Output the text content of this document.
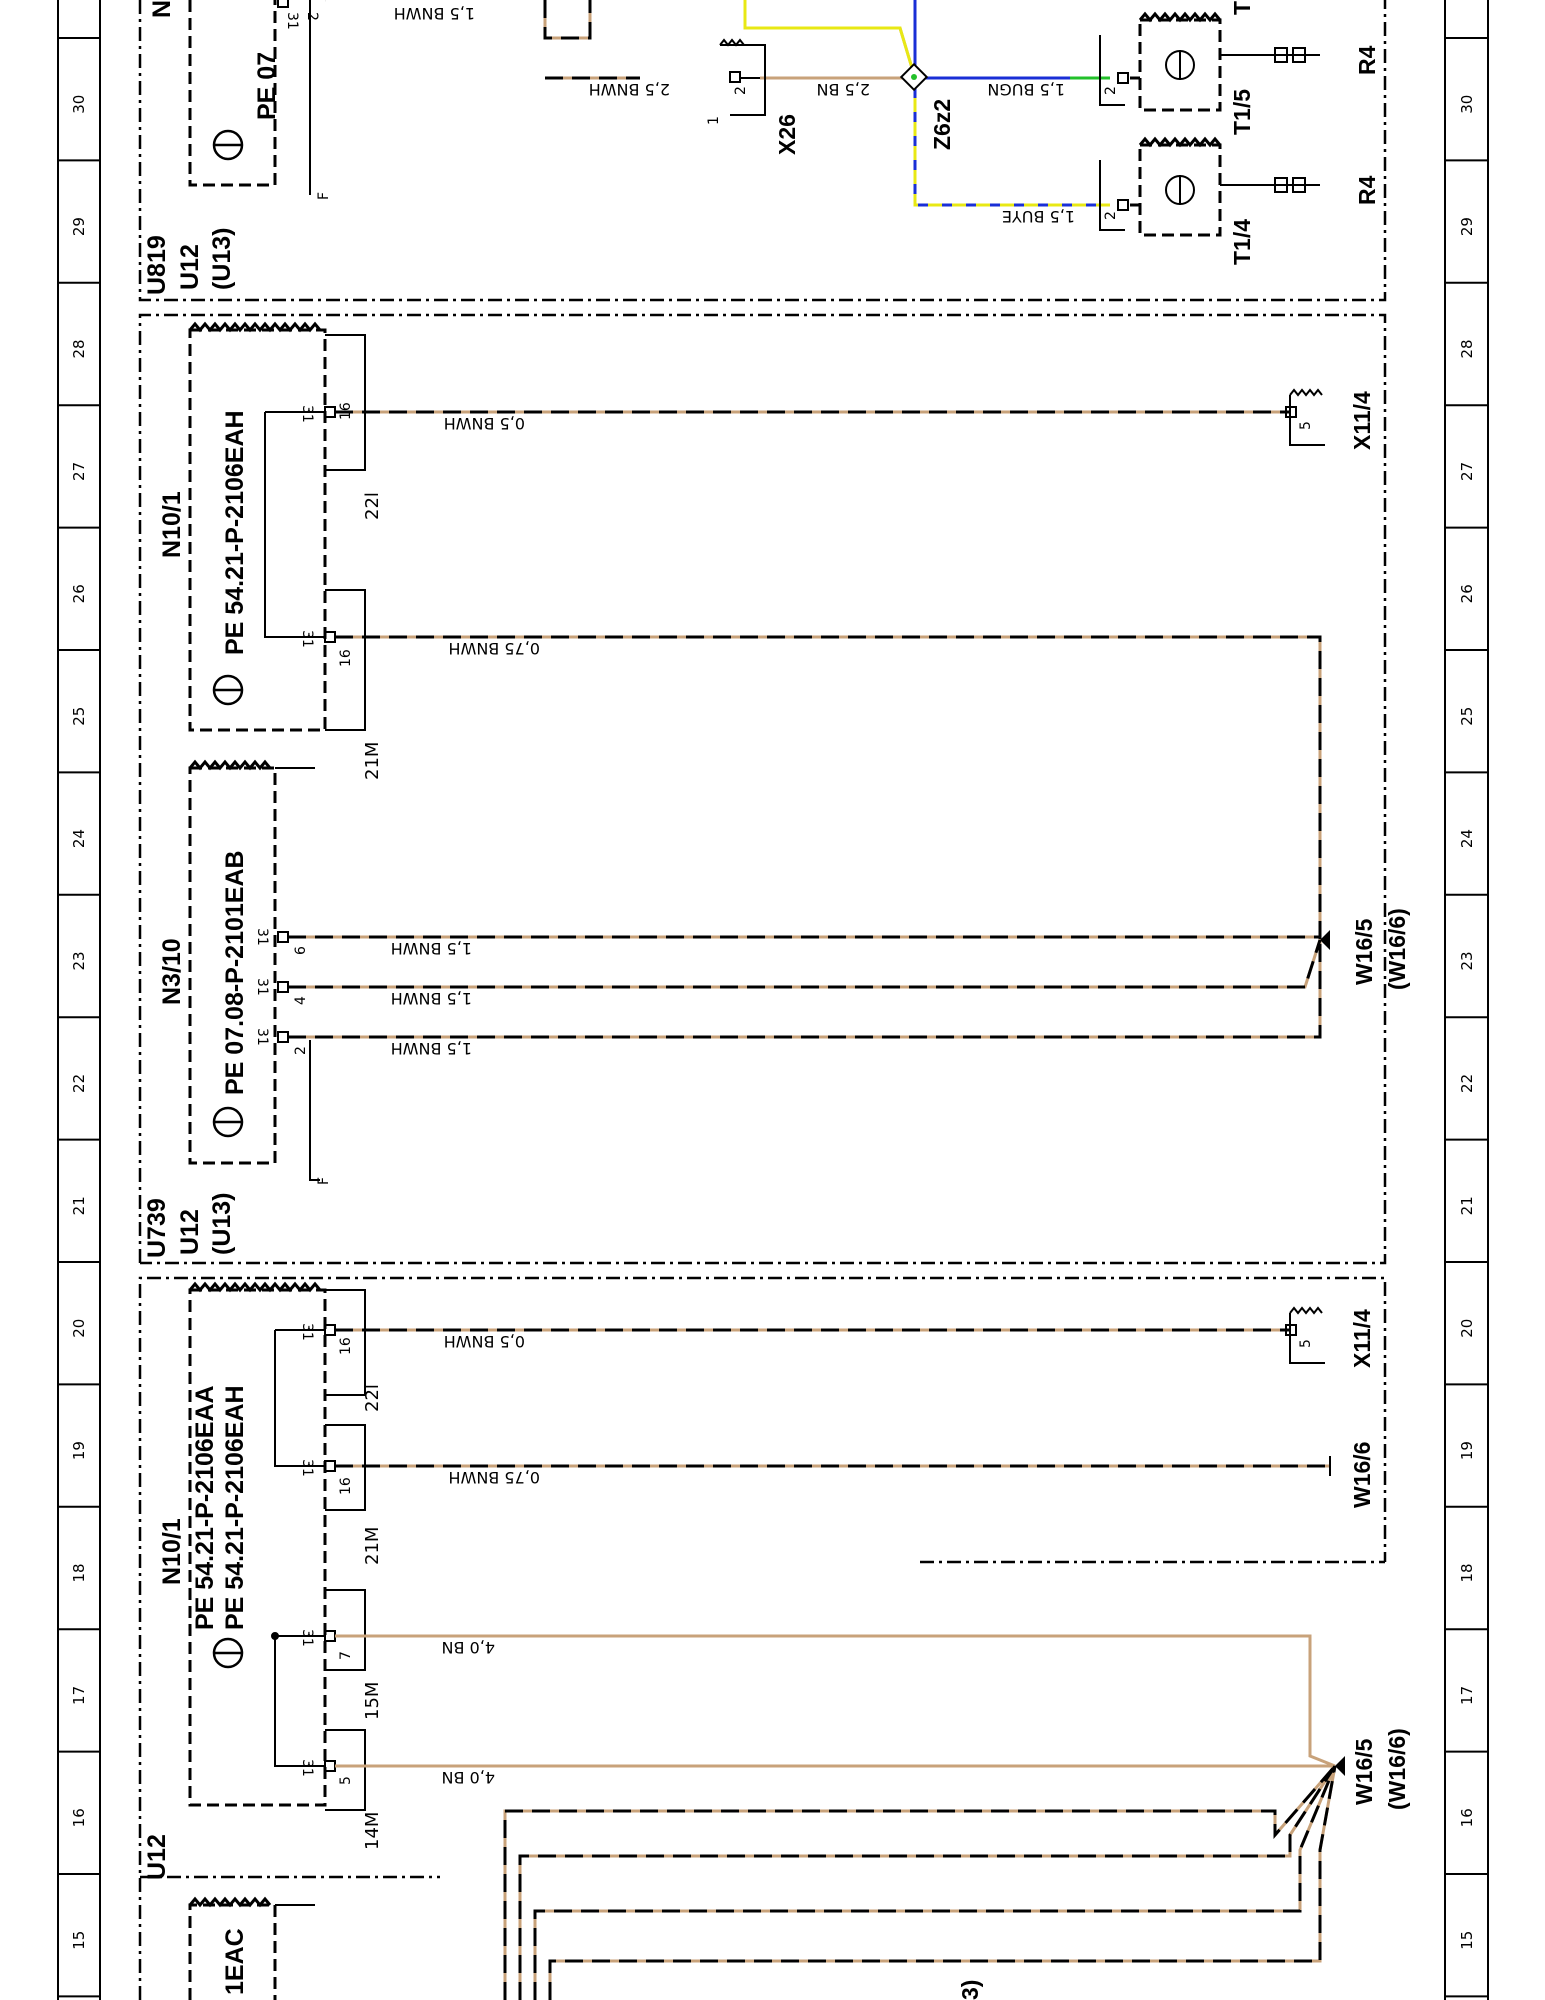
30	30
29	29
28	28
27	27
26	26
25	25
24	24
23	23
22	22
21	21
20	20
19	19
18	18
17	17
16	16
15	15
U819 U12 (U13)
U739 U12 (U13)
U12
N
PE 07
N10/1 PE 54.21-P-2106EAH
N3/10 PE 07.08-P-2101EAB
N10/1 PE 54.21-P-2106EAA PE 54.21-P-2106EAH
1EAC
1,5 BNWH
2,5 BNWH	2,5 BN	1,5 BUGN
1,5 BUYE
0,5 BNWH
0,75 BNWH
1,5 BNWH
1,5 BNWH
1,5 BNWH
0,5 BNWH
0,75 BNWH
4,0 BN
4,0 BN
31 2
31 16
31
16
31
6
31
4
31
2
31
16
31
16
31
7
31
5
F
F
2
1
2
2
5
5
22l
21M
22l
21M
15M
14M
X26	Z6z2	T1/5
T1/4
R4
R4
T
X11/4
W16/5 (W16/6)
X11/4
W16/6
W16/5 (W16/6)
3)
